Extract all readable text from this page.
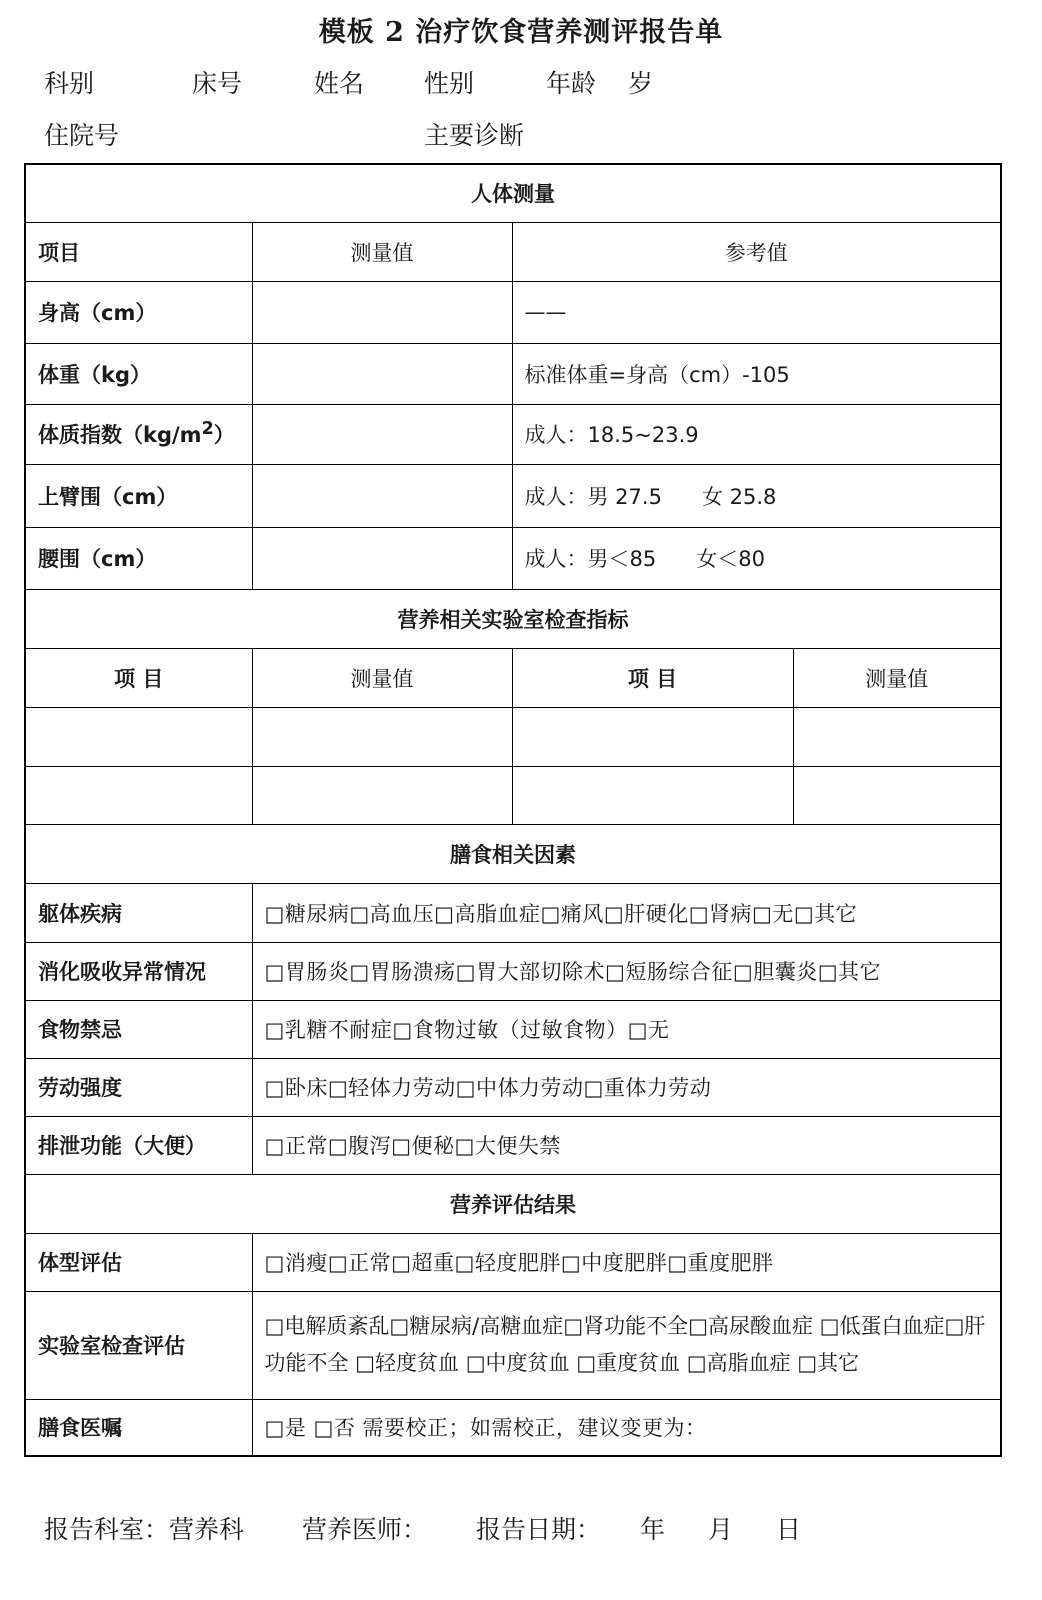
模板 2 治疗饮食营养测评报告单
科别	床号	姓名 性别	年龄 岁
住院号	主要诊断
人体测量			
项目	测量值	参考值	
身高（cm）		——	
体重（kg）		标准体重=身高（cm）-105	
体质指数$(kg/m^2)$		成人：18.5~23.9	
上臂围（cm）		成人：男 27.5 女 25.8	
腰围（cm）		成人：男＜85 女＜80	
营养相关实验室检查指标			
项 目	测量值	项 目	测量值

膳食相关因素			
躯体疾病	□糖尿病□高血压□高脂血症□痛风□肝硬化□肾病□无□其它		
消化吸收异常情况	□胃肠炎□胃肠溃疡□胃大部切除术□短肠综合征□胆囊炎□其它		
食物禁忌	□乳糖不耐症□食物过敏（过敏食物）□无		
劳动强度	□卧床□轻体力劳动□中体力劳动□重体力劳动		
排泄功能（大便）	□正常□腹泻□便秘□大便失禁		
营养评估结果			
体型评估	□消瘦□正常□超重□轻度肥胖□中度肥胖□重度肥胖		
实验室检查评估	□电解质紊乱□糖尿病/高糖血症□肾功能不全□高尿酸血症 □低蛋白血症□肝功能不全 □轻度贫血 □中度贫血 □重度贫血 □高脂血症 □其它		
膳食医嘱	□是 □否 需要校正；如需校正，建议变更为：		
报告科室：营养科 营养医师： 报告日期： 年 月 日
